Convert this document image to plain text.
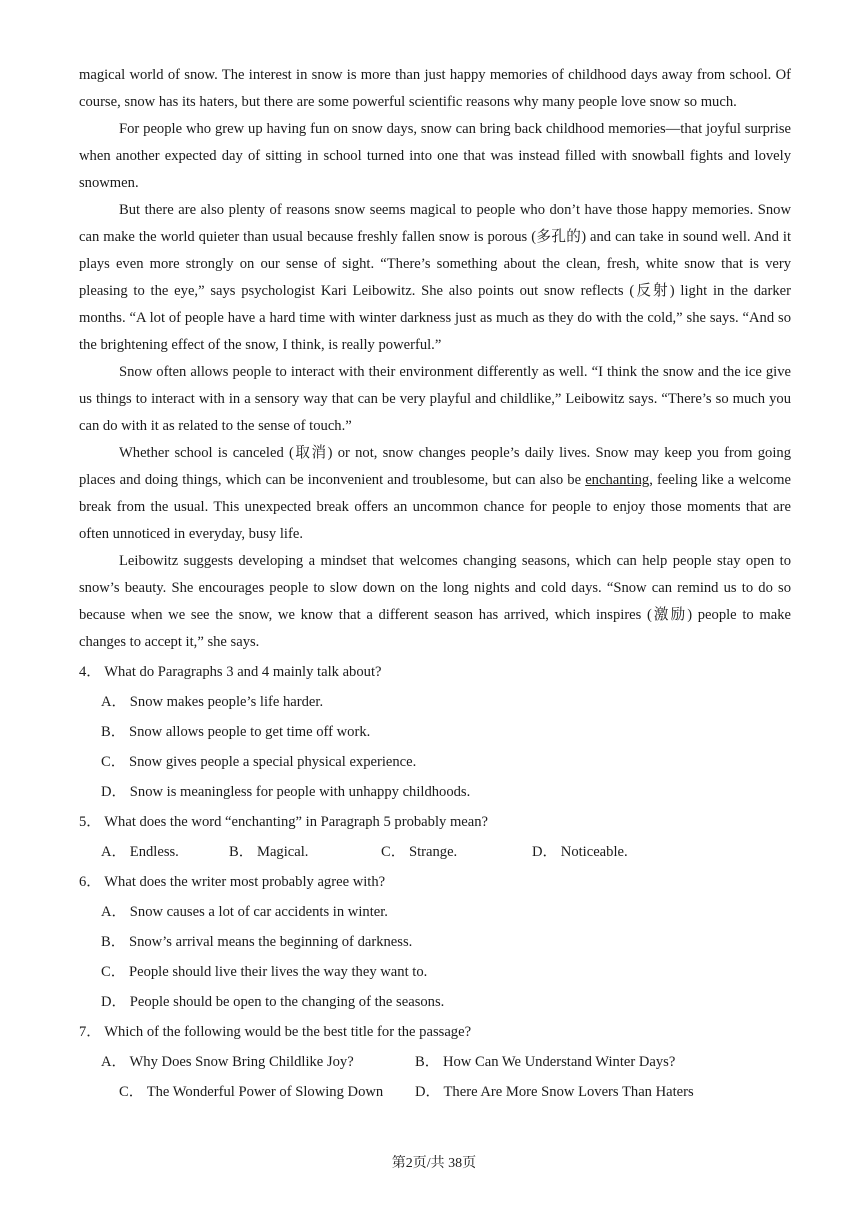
magical world of snow. The interest in snow is more than just happy memories of childhood days away from school. Of course, snow has its haters, but there are some powerful scientific reasons why many people love snow so much.

For people who grew up having fun on snow days, snow can bring back childhood memories—that joyful surprise when another expected day of sitting in school turned into one that was instead filled with snowball fights and lovely snowmen.

But there are also plenty of reasons snow seems magical to people who don’t have those happy memories. Snow can make the world quieter than usual because freshly fallen snow is porous (多孔的) and can take in sound well. And it plays even more strongly on our sense of sight. “There’s something about the clean, fresh, white snow that is very pleasing to the eye,” says psychologist Kari Leibowitz. She also points out snow reflects (反射) light in the darker months. “A lot of people have a hard time with winter darkness just as much as they do with the cold,” she says. “And so the brightening effect of the snow, I think, is really powerful.”

Snow often allows people to interact with their environment differently as well. “I think the snow and the ice give us things to interact with in a sensory way that can be very playful and childlike,” Leibowitz says. “There’s so much you can do with it as related to the sense of touch.”

Whether school is canceled (取消) or not, snow changes people’s daily lives. Snow may keep you from going places and doing things, which can be inconvenient and troublesome, but can also be enchanting, feeling like a welcome break from the usual. This unexpected break offers an uncommon chance for people to enjoy those moments that are often unnoticed in everyday, busy life.

Leibowitz suggests developing a mindset that welcomes changing seasons, which can help people stay open to snow’s beauty. She encourages people to slow down on the long nights and cold days. “Snow can remind us to do so because when we see the snow, we know that a different season has arrived, which inspires (激励) people to make changes to accept it,” she says.

4． What do Paragraphs 3 and 4 mainly talk about?
A． Snow makes people’s life harder.
B． Snow allows people to get time off work.
C． Snow gives people a special physical experience.
D． Snow is meaningless for people with unhappy childhoods.
5． What does the word “enchanting” in Paragraph 5 probably mean?
A． Endless.	B． Magical.	C． Strange.	D． Noticeable.
6． What does the writer most probably agree with?
A． Snow causes a lot of car accidents in winter.
B． Snow’s arrival means the beginning of darkness.
C． People should live their lives the way they want to.
D． People should be open to the changing of the seasons.
7． Which of the following would be the best title for the passage?
A． Why Does Snow Bring Childlike Joy?	B． How Can We Understand Winter Days?
C． The Wonderful Power of Slowing Down D． There Are More Snow Lovers Than Haters
第2页/共 38页
